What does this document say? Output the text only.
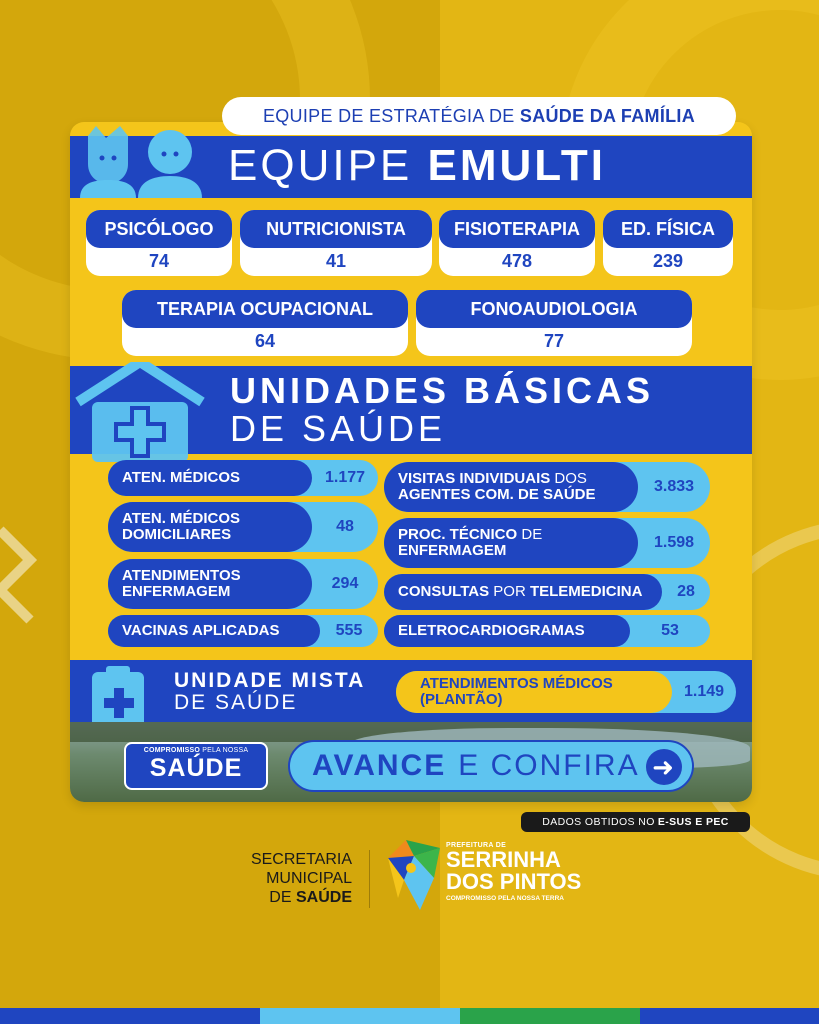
EQUIPE DE ESTRATÉGIA DE
SAÚDE DA FAMÍLIA
EQUIPE EMULTI
PSICÓLOGO
74
NUTRICIONISTA
41
FISIOTERAPIA
478
ED. FÍSICA
239
TERAPIA OCUPACIONAL
64
FONOAUDIOLOGIA
77
UNIDADES BÁSICAS
DE SAÚDE
ATEN. MÉDICOS	1.177
ATEN. MÉDICOS
DOMICILIARES	48
ATENDIMENTOS
ENFERMAGEM	294
VACINAS APLICADAS	555
VISITAS INDIVIDUAIS DOS
AGENTES COM. DE SAÚDE	3.833
PROC. TÉCNICO DE
ENFERMAGEM	1.598
CONSULTAS
POR
TELEMEDICINA	28
ELETROCARDIOGRAMAS	53
UNIDADE MISTA
DE SAÚDE
ATENDIMENTOS MÉDICOS
(PLANTÃO)	1.149
COMPROMISSO PELA NOSSA
SAÚDE	AVANCE E CONFIRA ➜
DADOS OBTIDOS NO E-SUS E PEC
SECRETARIA
MUNICIPAL
DE SAÚDE
PREFEITURA DE
SERRINHA
DOS PINTOS
COMPROMISSO PELA NOSSA TERRA
